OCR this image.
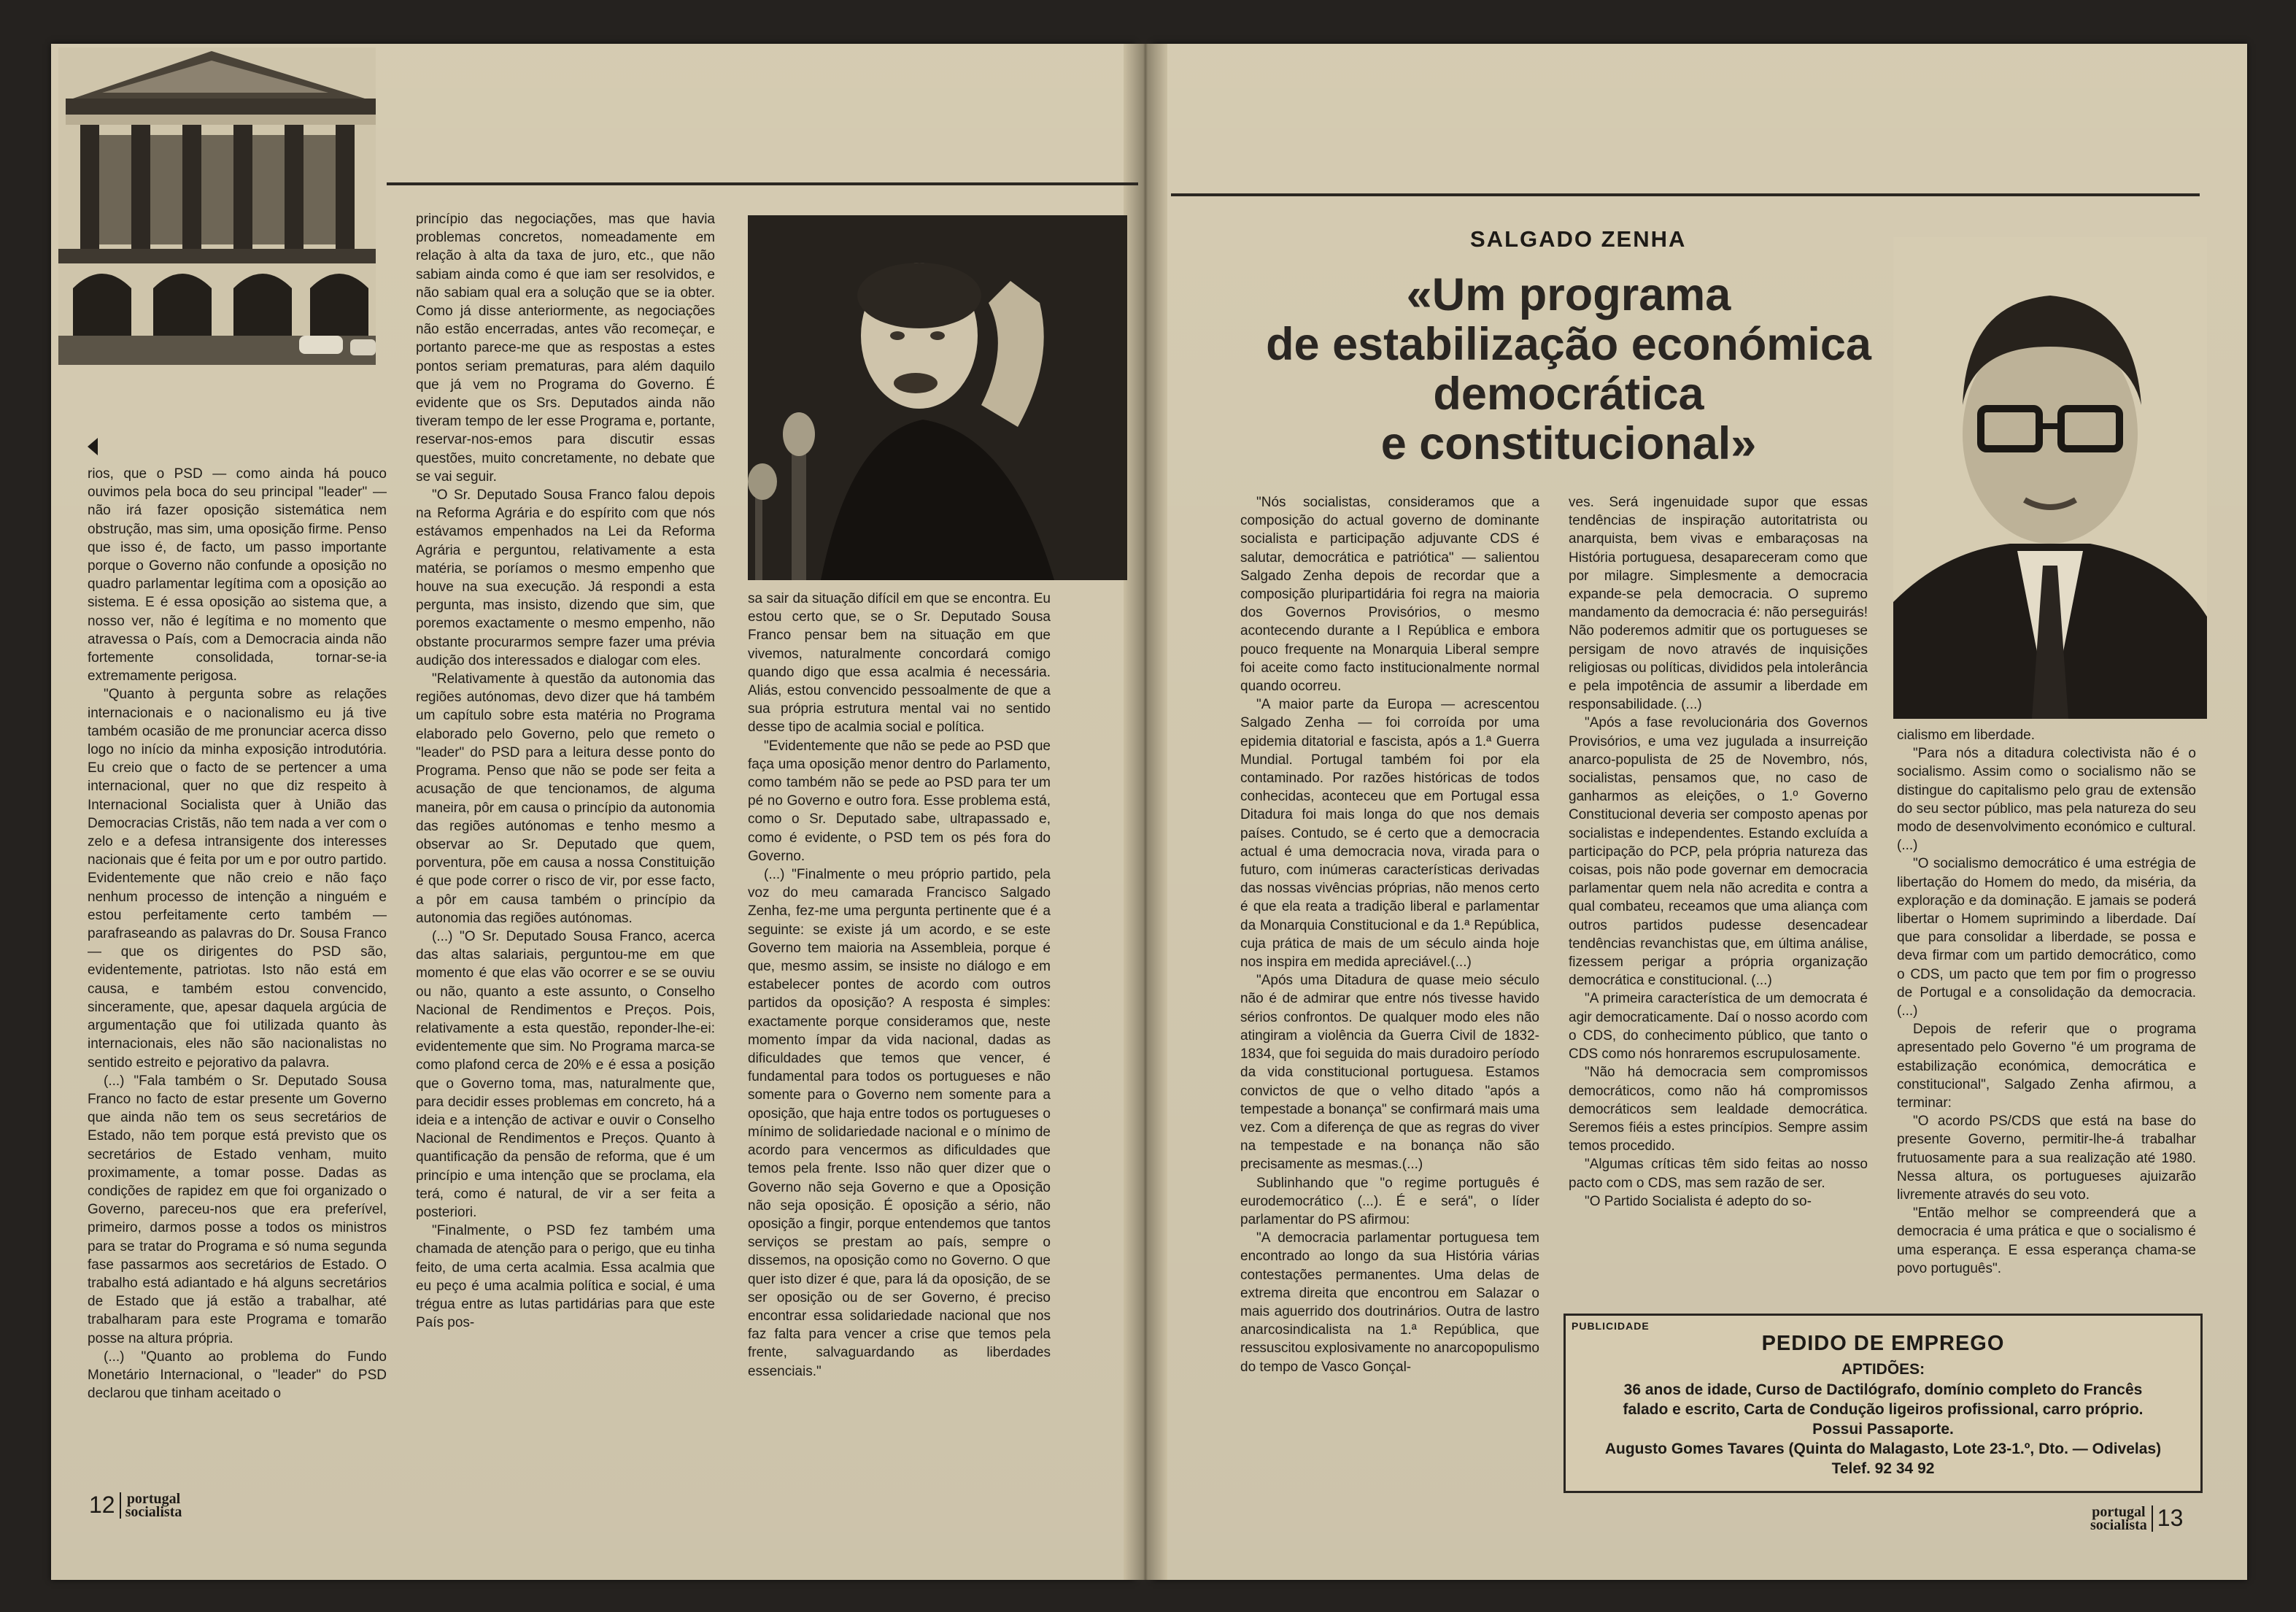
rios, que o PSD — como ainda há pouco ouvimos pela boca do seu principal "leader" — não irá fazer oposição sistemática nem obstrução, mas sim, uma oposição firme. Penso que isso é, de facto, um passo importante porque o Governo não confunde a oposição no quadro parlamentar legítima com a oposição ao sistema. E é essa oposição ao sistema que, a nosso ver, não é legítima e no momento que atravessa o País, com a Democracia ainda não fortemente consolidada, tornar-se-ia extremamente perigosa.

"Quanto à pergunta sobre as relações internacionais e o nacionalismo eu já tive também ocasião de me pronunciar acerca disso logo no início da minha exposição introdutória. Eu creio que o facto de se pertencer a uma internacional, quer no que diz respeito à Internacional Socialista quer à União das Democracias Cristãs, não tem nada a ver com o zelo e a defesa intransigente dos interesses nacionais que é feita por um e por outro partido. Evidentemente que não creio e não faço nenhum processo de intenção a ninguém e estou perfeitamente certo também — parafraseando as palavras do Dr. Sousa Franco — que os dirigentes do PSD são, evidentemente, patriotas. Isto não está em causa, e também estou convencido, sinceramente, que, apesar daquela argúcia de argumentação que foi utilizada quanto às internacionais, eles não são nacionalistas no sentido estreito e pejorativo da palavra.

(...) "Fala também o Sr. Deputado Sousa Franco no facto de estar presente um Governo que ainda não tem os seus secretários de Estado, não tem porque está previsto que os secretários de Estado venham, muito proximamente, a tomar posse. Dadas as condições de rapidez em que foi organizado o Governo, pareceu-nos que era preferível, primeiro, darmos posse a todos os ministros para se tratar do Programa e só numa segunda fase passarmos aos secretários de Estado. O trabalho está adiantado e há alguns secretários de Estado que já estão a trabalhar, até trabalharam para este Programa e tomarão posse na altura própria.

(...) "Quanto ao problema do Fundo Monetário Internacional, o "leader" do PSD declarou que tinham aceitado o

princípio das negociações, mas que havia problemas concretos, nomeadamente em relação à alta da taxa de juro, etc., que não sabiam ainda como é que iam ser resolvidos, e não sabiam qual era a solução que se ia obter. Como já disse anteriormente, as negociações não estão encerradas, antes vão recomeçar, e portanto parece-me que as respostas a estes pontos seriam prematuras, para além daquilo que já vem no Programa do Governo. É evidente que os Srs. Deputados ainda não tiveram tempo de ler esse Programa e, portante, reservar-nos-emos para discutir essas questões, muito concretamente, no debate que se vai seguir.

"O Sr. Deputado Sousa Franco falou depois na Reforma Agrária e do espírito com que nós estávamos empenhados na Lei da Reforma Agrária e perguntou, relativamente a esta matéria, se poríamos o mesmo empenho que houve na sua execução. Já respondi a esta pergunta, mas insisto, dizendo que sim, que poremos exactamente o mesmo empenho, não obstante procurarmos sempre fazer uma prévia audição dos interessados e dialogar com eles.

"Relativamente à questão da autonomia das regiões autónomas, devo dizer que há também um capítulo sobre esta matéria no Programa elaborado pelo Governo, pelo que remeto o "leader" do PSD para a leitura desse ponto do Programa. Penso que não se pode ser feita a acusação de que tencionamos, de alguma maneira, pôr em causa o princípio da autonomia das regiões autónomas e tenho mesmo a observar ao Sr. Deputado que quem, porventura, põe em causa a nossa Constituição é que pode correr o risco de vir, por esse facto, a pôr em causa também o princípio da autonomia das regiões autónomas.

(...) "O Sr. Deputado Sousa Franco, acerca das altas salariais, perguntou-me em que momento é que elas vão ocorrer e se se ouviu ou não, quanto a este assunto, o Conselho Nacional de Rendimentos e Preços. Pois, relativamente a esta questão, reponder-lhe-ei: evidentemente que sim. No Programa marca-se como plafond cerca de 20% e é essa a posição que o Governo toma, mas, naturalmente que, para decidir esses problemas em concreto, há a ideia e a intenção de activar e ouvir o Conselho Nacional de Rendimentos e Preços. Quanto à quantificação da pensão de reforma, que é um princípio e uma intenção que se proclama, ela terá, como é natural, de vir a ser feita a posteriori.

"Finalmente, o PSD fez também uma chamada de atenção para o perigo, que eu tinha feito, de uma certa acalmia. Essa acalmia que eu peço é uma acalmia política e social, é uma trégua entre as lutas partidárias para que este País pos-

sa sair da situação difícil em que se encontra. Eu estou certo que, se o Sr. Deputado Sousa Franco pensar bem na situação em que vivemos, naturalmente concordará comigo quando digo que essa acalmia é necessária. Aliás, estou convencido pessoalmente de que a sua própria estrutura mental vai no sentido desse tipo de acalmia social e política.

"Evidentemente que não se pede ao PSD que faça uma oposição menor dentro do Parlamento, como também não se pede ao PSD para ter um pé no Governo e outro fora. Esse problema está, como o Sr. Deputado sabe, ultrapassado e, como é evidente, o PSD tem os pés fora do Governo.

(...) "Finalmente o meu próprio partido, pela voz do meu camarada Francisco Salgado Zenha, fez-me uma pergunta pertinente que é a seguinte: se existe já um acordo, e se este Governo tem maioria na Assembleia, porque é que, mesmo assim, se insiste no diálogo e em estabelecer pontes de acordo com outros partidos da oposição? A resposta é simples: exactamente porque consideramos que, neste momento ímpar da vida nacional, dadas as dificuldades que temos que vencer, é fundamental para todos os portugueses e não somente para o Governo nem somente para a oposição, que haja entre todos os portugueses o mínimo de solidariedade nacional e o mínimo de acordo para vencermos as dificuldades que temos pela frente. Isso não quer dizer que o Governo não seja Governo e que a Oposição não seja oposição. É oposição a sério, não oposição a fingir, porque entendemos que tantos serviços se prestam ao país, sempre o dissemos, na oposição como no Governo. O que quer isto dizer é que, para lá da oposição, de se ser oposição ou de ser Governo, é preciso encontrar essa solidariedade nacional que nos faz falta para vencer a crise que temos pela frente, salvaguardando as liberdades essenciais."

12 portugal
socialista
SALGADO ZENHA
«Um programa
de estabilização económica
democrática
e constitucional»

"Nós socialistas, consideramos que a composição do actual governo de dominante socialista e participação adjuvante CDS é salutar, democrática e patriótica" — salientou Salgado Zenha depois de recordar que a composição pluripartidária foi regra na maioria dos Governos Provisórios, o mesmo acontecendo durante a I República e embora pouco frequente na Monarquia Liberal sempre foi aceite como facto institucionalmente normal quando ocorreu.

"A maior parte da Europa — acrescentou Salgado Zenha — foi corroída por uma epidemia ditatorial e fascista, após a 1.ª Guerra Mundial. Portugal também foi por ela contaminado. Por razões históricas de todos conhecidas, aconteceu que em Portugal essa Ditadura foi mais longa do que nos demais países. Contudo, se é certo que a democracia actual é uma democracia nova, virada para o futuro, com inúmeras características derivadas das nossas vivências próprias, não menos certo é que ela reata a tradição liberal e parlamentar da Monarquia Constitucional e da 1.ª República, cuja prática de mais de um século ainda hoje nos inspira em medida apreciável.(...)

"Após uma Ditadura de quase meio século não é de admirar que entre nós tivesse havido sérios confrontos. De qualquer modo eles não atingiram a violência da Guerra Civil de 1832-1834, que foi seguida do mais duradoiro período da vida constitucional portuguesa. Estamos convictos de que o velho ditado "após a tempestade a bonança" se confirmará mais uma vez. Com a diferença de que as regras do viver na tempestade e na bonança não são precisamente as mesmas.(...)

Sublinhando que "o regime português é eurodemocrático (...). É e será", o líder parlamentar do PS afirmou:

"A democracia parlamentar portuguesa tem encontrado ao longo da sua História várias contestações permanentes. Uma delas de extrema direita que encontrou em Salazar o mais aguerrido dos doutrinários. Outra de lastro anarcosindicalista na 1.ª República, que ressuscitou explosivamente no anarcopopulismo do tempo de Vasco Gonçal-

ves. Será ingenuidade supor que essas tendências de inspiração autoritatrista ou anarquista, bem vivas e embaraçosas na História portuguesa, desapareceram como que por milagre. Simplesmente a democracia expande-se pela democracia. O supremo mandamento da democracia é: não perseguirás! Não poderemos admitir que os portugueses se persigam de novo através de inquisições religiosas ou políticas, divididos pela intolerância e pela impotência de assumir a liberdade em responsabilidade. (...)

"Após a fase revolucionária dos Governos Provisórios, e uma vez jugulada a insurreição anarco-populista de 25 de Novembro, nós, socialistas, pensamos que, no caso de ganharmos as eleições, o 1.º Governo Constitucional deveria ser composto apenas por socialistas e independentes. Estando excluída a participação do PCP, pela própria natureza das coisas, pois não pode governar em democracia parlamentar quem nela não acredita e contra a qual combateu, receamos que uma aliança com outros partidos pudesse desencadear tendências revanchistas que, em última análise, fizessem perigar a própria organização democrática e constitucional. (...)

"A primeira característica de um democrata é agir democraticamente. Daí o nosso acordo com o CDS, do conhecimento público, que tanto o CDS como nós honraremos escrupulosamente.

"Não há democracia sem compromissos democráticos, como não há compromissos democráticos sem lealdade democrática. Seremos fiéis a estes princípios. Sempre assim temos procedido.

"Algumas críticas têm sido feitas ao nosso pacto com o CDS, mas sem razão de ser.

"O Partido Socialista é adepto do so-

cialismo em liberdade.

"Para nós a ditadura colectivista não é o socialismo. Assim como o socialismo não se distingue do capitalismo pelo grau de extensão do seu sector público, mas pela natureza do seu modo de desenvolvimento económico e cultural. (...)

"O socialismo democrático é uma estrégia de libertação do Homem do medo, da miséria, da exploração e da dominação. E jamais se poderá libertar o Homem suprimindo a liberdade. Daí que para consolidar a liberdade, se possa e deva firmar com um partido democrático, como o CDS, um pacto que tem por fim o progresso de Portugal e a consolidação da democracia. (...)

Depois de referir que o programa apresentado pelo Governo "é um programa de estabilização económica, democrática e constitucional", Salgado Zenha afirmou, a terminar:

"O acordo PS/CDS que está na base do presente Governo, permitir-lhe-á trabalhar frutuosamente para a sua realização até 1980. Nessa altura, os portugueses ajuizarão livremente através do seu voto.

"Então melhor se compreenderá que a democracia é uma prática e que o socialismo é uma esperança. E essa esperança chama-se povo português".

PUBLICIDADE
PEDIDO DE EMPREGO
APTIDÕES:
36 anos de idade, Curso de Dactilógrafo, domínio completo do Francês
falado e escrito, Carta de Condução ligeiros profissional, carro próprio.
Possui Passaporte.
Augusto Gomes Tavares (Quinta do Malagasto, Lote 23-1.º, Dto. — Odivelas)
Telef. 92 34 92
portugal
socialista 13
